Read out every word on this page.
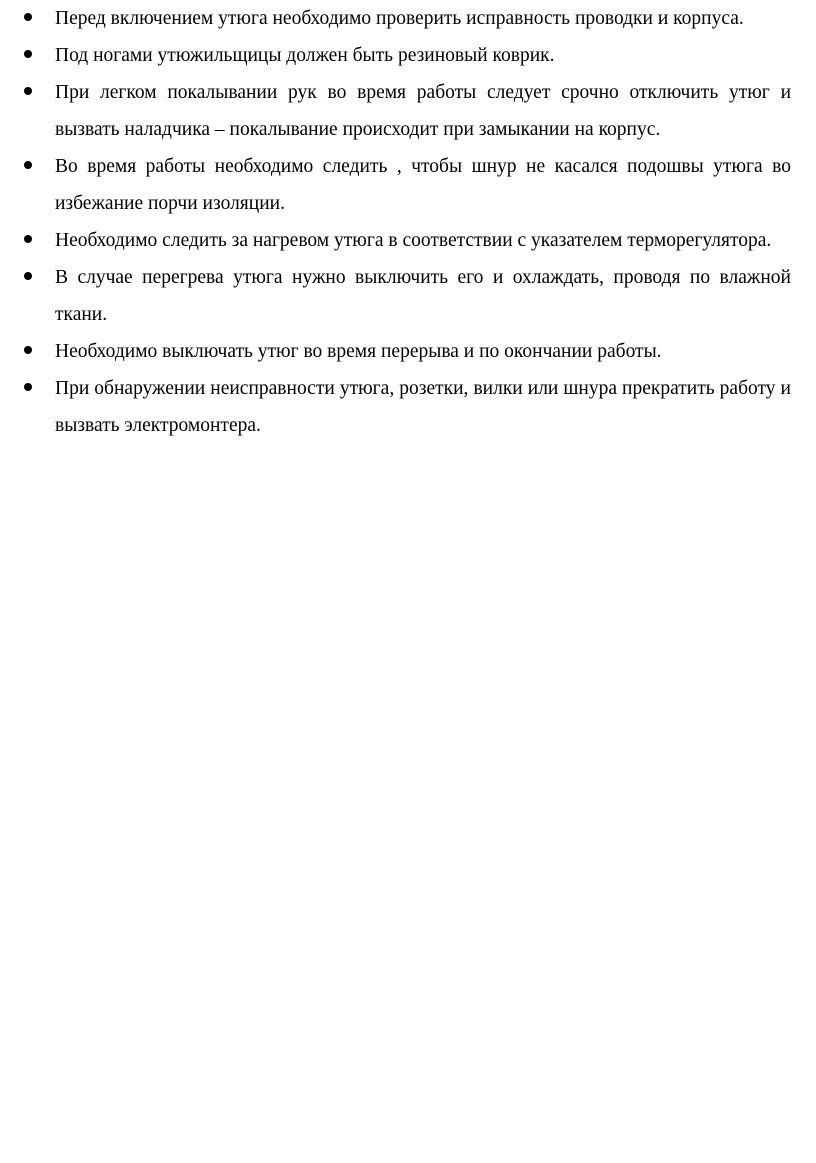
Перед включением утюга необходимо проверить исправность проводки и корпуса.
Под ногами утюжильщицы должен быть резиновый коврик.
При легком покалывании рук во время работы следует срочно отключить утюг и вызвать наладчика – покалывание происходит при замыкании на корпус.
Во время работы необходимо следить , чтобы шнур не касался подошвы утюга во избежание порчи изоляции.
Необходимо следить за нагревом утюга в соответствии с указателем терморегулятора.
В случае перегрева утюга нужно выключить его и охлаждать, проводя по влажной ткани.
Необходимо выключать утюг во время перерыва и по окончании работы.
При обнаружении неисправности утюга, розетки, вилки или шнура прекратить работу и вызвать электромонтера.
